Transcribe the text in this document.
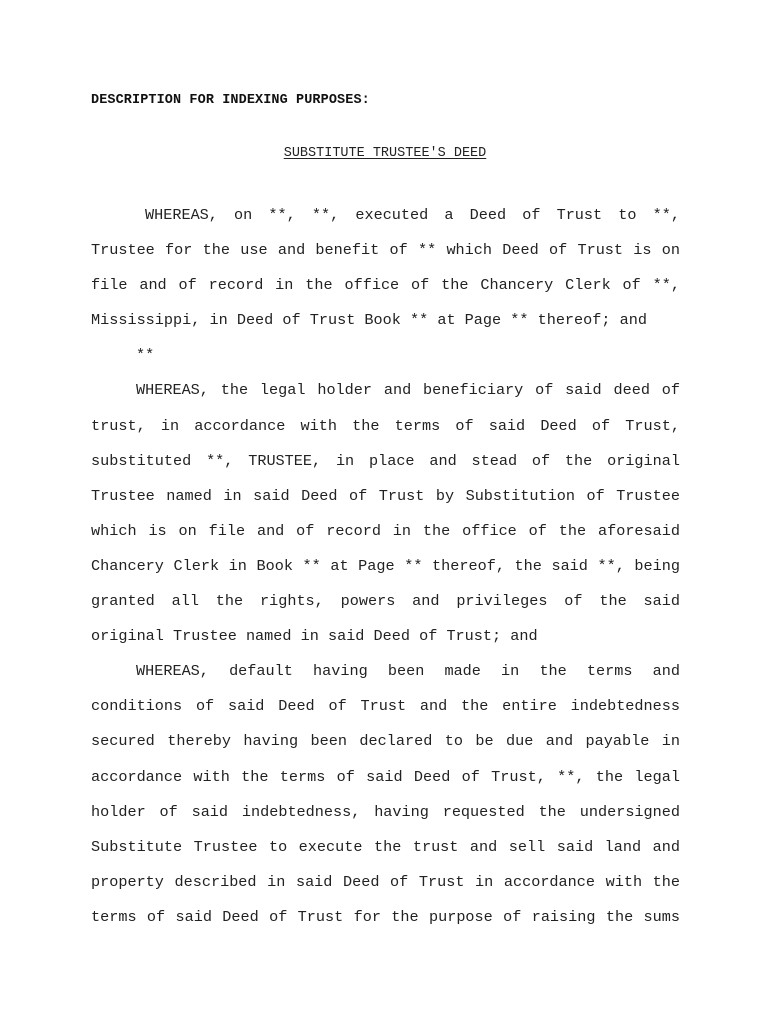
DESCRIPTION FOR INDEXING PURPOSES:
SUBSTITUTE TRUSTEE'S DEED

WHEREAS, on **, **, executed a Deed of Trust to **, Trustee for the use and benefit of ** which Deed of Trust is on file and of record in the office of the Chancery Clerk of **, Mississippi, in Deed of Trust Book ** at Page ** thereof; and

**

WHEREAS, the legal holder and beneficiary of said deed of trust, in accordance with the terms of said Deed of Trust, substituted **, TRUSTEE, in place and stead of the original Trustee named in said Deed of Trust by Substitution of Trustee which is on file and of record in the office of the aforesaid Chancery Clerk in Book ** at Page ** thereof, the said **, being granted all the rights, powers and privileges of the said original Trustee named in said Deed of Trust; and

WHEREAS, default having been made in the terms and conditions of said Deed of Trust and the entire indebtedness secured thereby having been declared to be due and payable in accordance with the terms of said Deed of Trust, **, the legal holder of said indebtedness, having requested the undersigned Substitute Trustee to execute the trust and sell said land and property described in said Deed of Trust in accordance with the terms of said Deed of Trust for the purpose of raising the sums
